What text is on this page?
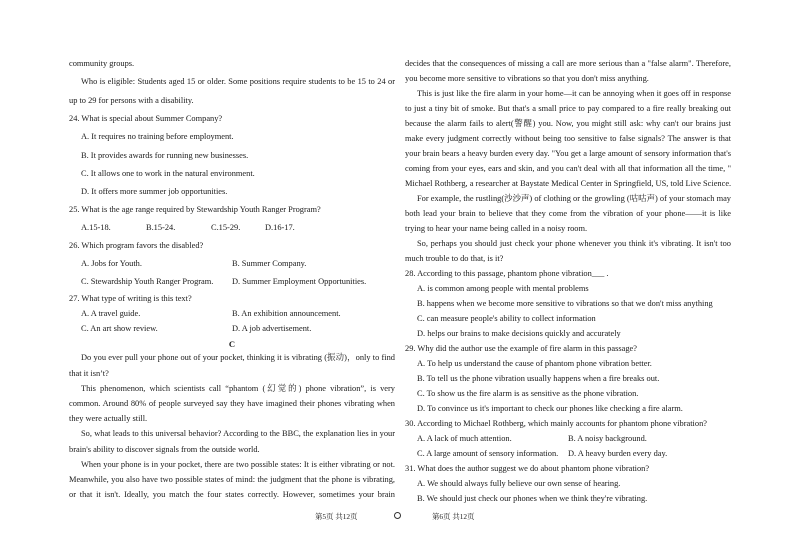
community groups.
Who is eligible: Students aged 15 or older. Some positions require students to be 15 to 24 or
up to 29 for persons with a disability.
24. What is special about Summer Company?
A. It requires no training before employment.
B. It provides awards for running new businesses.
C. It allows one to work in the natural environment.
D. It offers more summer job opportunities.
25. What is the age range required by Stewardship Youth Ranger Program?
A.15-18.	B.15-24.	C.15-29.	D.16-17.
26. Which program favors the disabled?
A. Jobs for Youth.	B. Summer Company.
C. Stewardship Youth Ranger Program. D. Summer Employment Opportunities.
27. What type of writing is this text?
A. A travel guide.	B. An exhibition announcement.
C. An art show review.	D. A job advertisement.
C
Do you ever pull your phone out of your pocket, thinking it is vibrating (振动)，only to find
that it isn’t?
This phenomenon, which scientists call “phantom (幻觉的) phone vibration”, is very
common. Around 80% of people surveyed say they have imagined their phones vibrating when
they were actually still.
So, what leads to this universal behavior? According to the BBC, the explanation lies in your
brain's ability to discover signals from the outside world.
When your phone is in your pocket, there are two possible states: It is either vibrating or not.
Meanwhile, you also have two possible states of mind: the judgment that the phone is vibrating,
or that it isn't. Ideally, you match the four states correctly. However, sometimes your brain
decides that the consequences of missing a call are more serious than a "false alarm". Therefore,
you become more sensitive to vibrations so that you don't miss anything.
This is just like the fire alarm in your home—it can be annoying when it goes off in response
to just a tiny bit of smoke. But that's a small price to pay compared to a fire really breaking out
because the alarm fails to alert(警醒) you. Now, you might still ask: why can't our brains just
make every judgment correctly without being too sensitive to false signals? The answer is that
your brain bears a heavy burden every day. "You get a large amount of sensory information that's
coming from your eyes, ears and skin, and you can't deal with all that information all the time, "
Michael Rothberg, a researcher at Baystate Medical Center in Springfield, US, told Live Science.
For example, the rustling(沙沙声) of clothing or the growling (咕咕声) of your stomach may
both lead your brain to believe that they come from the vibration of your phone——it is like
trying to hear your name being called in a noisy room.
So, perhaps you should just check your phone whenever you think it's vibrating. It isn't too
much trouble to do that, is it?
28. According to this passage, phantom phone vibration___ .
A. is common among people with mental problems
B. happens when we become more sensitive to vibrations so that we don't miss anything
C. can measure people's ability to collect information
D. helps our brains to make decisions quickly and accurately
29. Why did the author use the example of fire alarm in this passage?
A. To help us understand the cause of phantom phone vibration better.
B. To tell us the phone vibration usually happens when a fire breaks out.
C. To show us the fire alarm is as sensitive as the phone vibration.
D. To convince us it's important to check our phones like checking a fire alarm.
30. According to Michael Rothberg, which mainly accounts for phantom phone vibration?
A. A lack of much attention.	B. A noisy background.
C. A large amount of sensory information. D. A heavy burden every day.
31. What does the author suggest we do about phantom phone vibration?
A. We should always fully believe our own sense of hearing.
B. We should just check our phones when we think they're vibrating.
第5页 共12页	第6页 共12页
